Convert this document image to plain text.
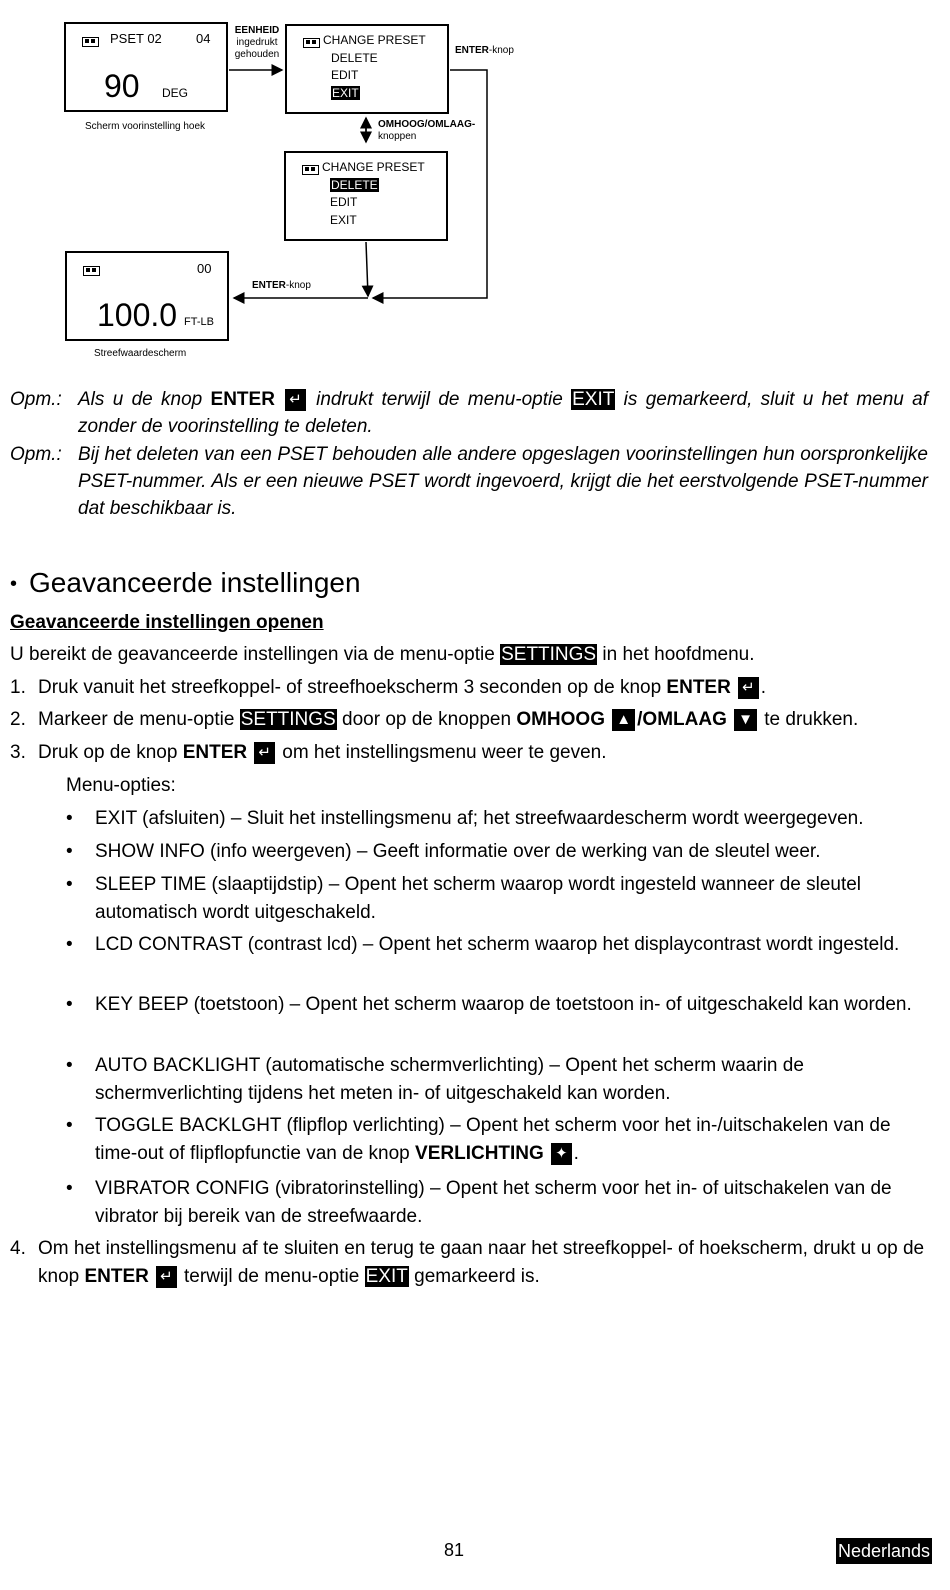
PSET 02	04
90 DEG
Scherm voorinstelling hoek
EENHEID
ingedrukt
gehouden
CHANGE PRESET
DELETE
EDIT
EXIT
ENTER-knop
OMHOOG/OMLAAG-
knoppen
CHANGE PRESET
DELETE
EDIT
EXIT
00
100.0 FT-LB
Streefwaardescherm
ENTER-knop
Opm.: Als u de knop ENTER ↵ indrukt terwijl de menu-optie EXIT is gemarkeerd, sluit u het menu af zonder de voorinstelling te deleten.
Opm.: Bij het deleten van een PSET behouden alle andere opgeslagen voorinstellingen hun oorspronkelijke PSET-nummer. Als er een nieuwe PSET wordt ingevoerd, krijgt die het eerstvolgende PSET-nummer dat beschikbaar is.
• Geavanceerde instellingen
Geavanceerde instellingen openen
U bereikt de geavanceerde instellingen via de menu-optie SETTINGS in het hoofdmenu.
1. Druk vanuit het streefkoppel- of streefhoekscherm 3 seconden op de knop ENTER ↵ .
2. Markeer de menu-optie SETTINGS door op de knoppen OMHOOG ▲ /OMLAAG ▼ te drukken.
3. Druk op de knop ENTER ↵ om het instellingsmenu weer te geven.
Menu-opties:
• EXIT (afsluiten) – Sluit het instellingsmenu af; het streefwaardescherm wordt weergegeven.
• SHOW INFO (info weergeven) – Geeft informatie over de werking van de sleutel weer.
• SLEEP TIME (slaaptijdstip) – Opent het scherm waarop wordt ingesteld wanneer de sleutel automatisch wordt uitgeschakeld.
• LCD CONTRAST (contrast lcd) – Opent het scherm waarop het displaycontrast wordt ingesteld.
• KEY BEEP (toetstoon) – Opent het scherm waarop de toetstoon in- of uitgeschakeld kan worden.
• AUTO BACKLIGHT (automatische schermverlichting) – Opent het scherm waarin de schermverlichting tijdens het meten in- of uitgeschakeld kan worden.
• TOGGLE BACKLGHT (flipflop verlichting) – Opent het scherm voor het in-/uitschakelen van de time-out of flipflopfunctie van de knop VERLICHTING ✦ .
• VIBRATOR CONFIG (vibratorinstelling) – Opent het scherm voor het in- of uitschakelen van de vibrator bij bereik van de streefwaarde.
4. Om het instellingsmenu af te sluiten en terug te gaan naar het streefkoppel- of hoekscherm, drukt u op de knop ENTER ↵ terwijl de menu-optie EXIT gemarkeerd is.
81	Nederlands
